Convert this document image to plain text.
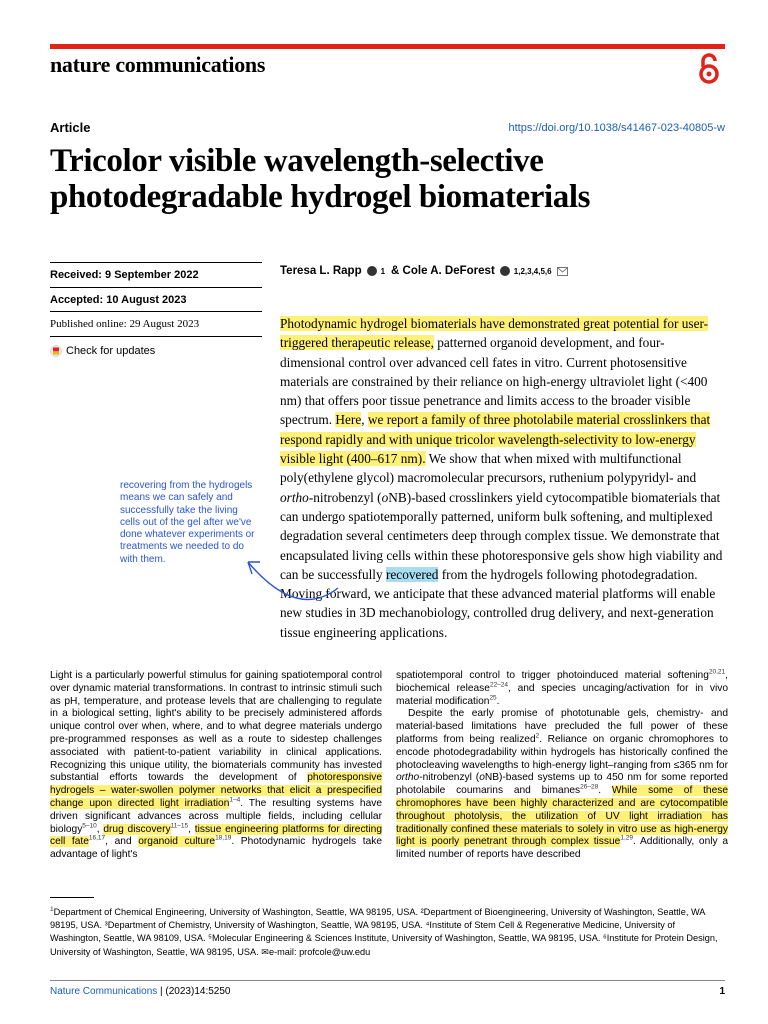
nature communications
Article	https://doi.org/10.1038/s41467-023-40805-w
Tricolor visible wavelength-selective photodegradable hydrogel biomaterials
Received: 9 September 2022
Accepted: 10 August 2023
Published online: 29 August 2023
Check for updates
Teresa L. Rapp 1 & Cole A. DeForest 1,2,3,4,5,6
Photodynamic hydrogel biomaterials have demonstrated great potential for user-triggered therapeutic release, patterned organoid development, and four-dimensional control over advanced cell fates in vitro. Current photosensitive materials are constrained by their reliance on high-energy ultraviolet light (<400 nm) that offers poor tissue penetrance and limits access to the broader visible spectrum. Here, we report a family of three photolabile material crosslinkers that respond rapidly and with unique tricolor wavelength-selectivity to low-energy visible light (400–617 nm). We show that when mixed with multifunctional poly(ethylene glycol) macromolecular precursors, ruthenium polypyridyl- and ortho-nitrobenzyl (oNB)-based crosslinkers yield cytocompatible biomaterials that can undergo spatiotemporally patterned, uniform bulk softening, and multiplexed degradation several centimeters deep through complex tissue. We demonstrate that encapsulated living cells within these photoresponsive gels show high viability and can be successfully recovered from the hydrogels following photodegradation. Moving forward, we anticipate that these advanced material platforms will enable new studies in 3D mechanobiology, controlled drug delivery, and next-generation tissue engineering applications.
recovering from the hydrogels means we can safely and successfully take the living cells out of the gel after we've done whatever experiments or treatments we needed to do with them.

Light is a particularly powerful stimulus for gaining spatiotemporal control over dynamic material transformations. In contrast to intrinsic stimuli such as pH, temperature, and protease levels that are challenging to regulate in a biological setting, light's ability to be precisely administered affords unique control over when, where, and to what degree materials undergo pre-programmed responses as well as a route to sidestep challenges associated with patient-to-patient variability in clinical applications. Recognizing this unique utility, the biomaterials community has invested substantial efforts towards the development of photoresponsive hydrogels – water-swollen polymer networks that elicit a prespecified change upon directed light irradiation$^{1-4}$. The resulting systems have driven significant advances across multiple fields, including cellular biology$^{5-10}$, drug discovery$^{11-15}$, tissue engineering platforms for directing cell fate$^{16,17}$, and organoid culture$^{18,19}$. Photodynamic hydrogels take advantage of light's

spatiotemporal control to trigger photoinduced material softening$^{20,21}$, biochemical release$^{22-24}$, and species uncaging/activation for in vivo material modification$^{25}$.

Despite the early promise of phototunable gels, chemistry- and material-based limitations have precluded the full power of these platforms from being realized$^2$. Reliance on organic chromophores to encode photodegradability within hydrogels has historically confined the photocleaving wavelengths to high-energy light–ranging from ≤365 nm for ortho-nitrobenzyl (oNB)-based systems up to 450 nm for some reported photolabile coumarins and bimanes$^{26-28}$. While some of these chromophores have been highly characterized and are cytocompatible throughout photolysis, the utilization of UV light irradiation has traditionally confined these materials to solely in vitro use as high-energy light is poorly penetrant through complex tissue$^{1,29}$. Additionally, only a limited number of reports have described

$^1$Department of Chemical Engineering, University of Washington, Seattle, WA 98195, USA. ²Department of Bioengineering, University of Washington, Seattle, WA 98195, USA. ³Department of Chemistry, University of Washington, Seattle, WA 98195, USA. ⁴Institute of Stem Cell & Regenerative Medicine, University of Washington, Seattle, WA 98109, USA. ⁵Molecular Engineering & Sciences Institute, University of Washington, Seattle, WA 98195, USA. ⁶Institute for Protein Design, University of Washington, Seattle, WA 98195, USA. ✉e-mail: profcole@uw.edu
Nature Communications | (2023)14:5250	1
